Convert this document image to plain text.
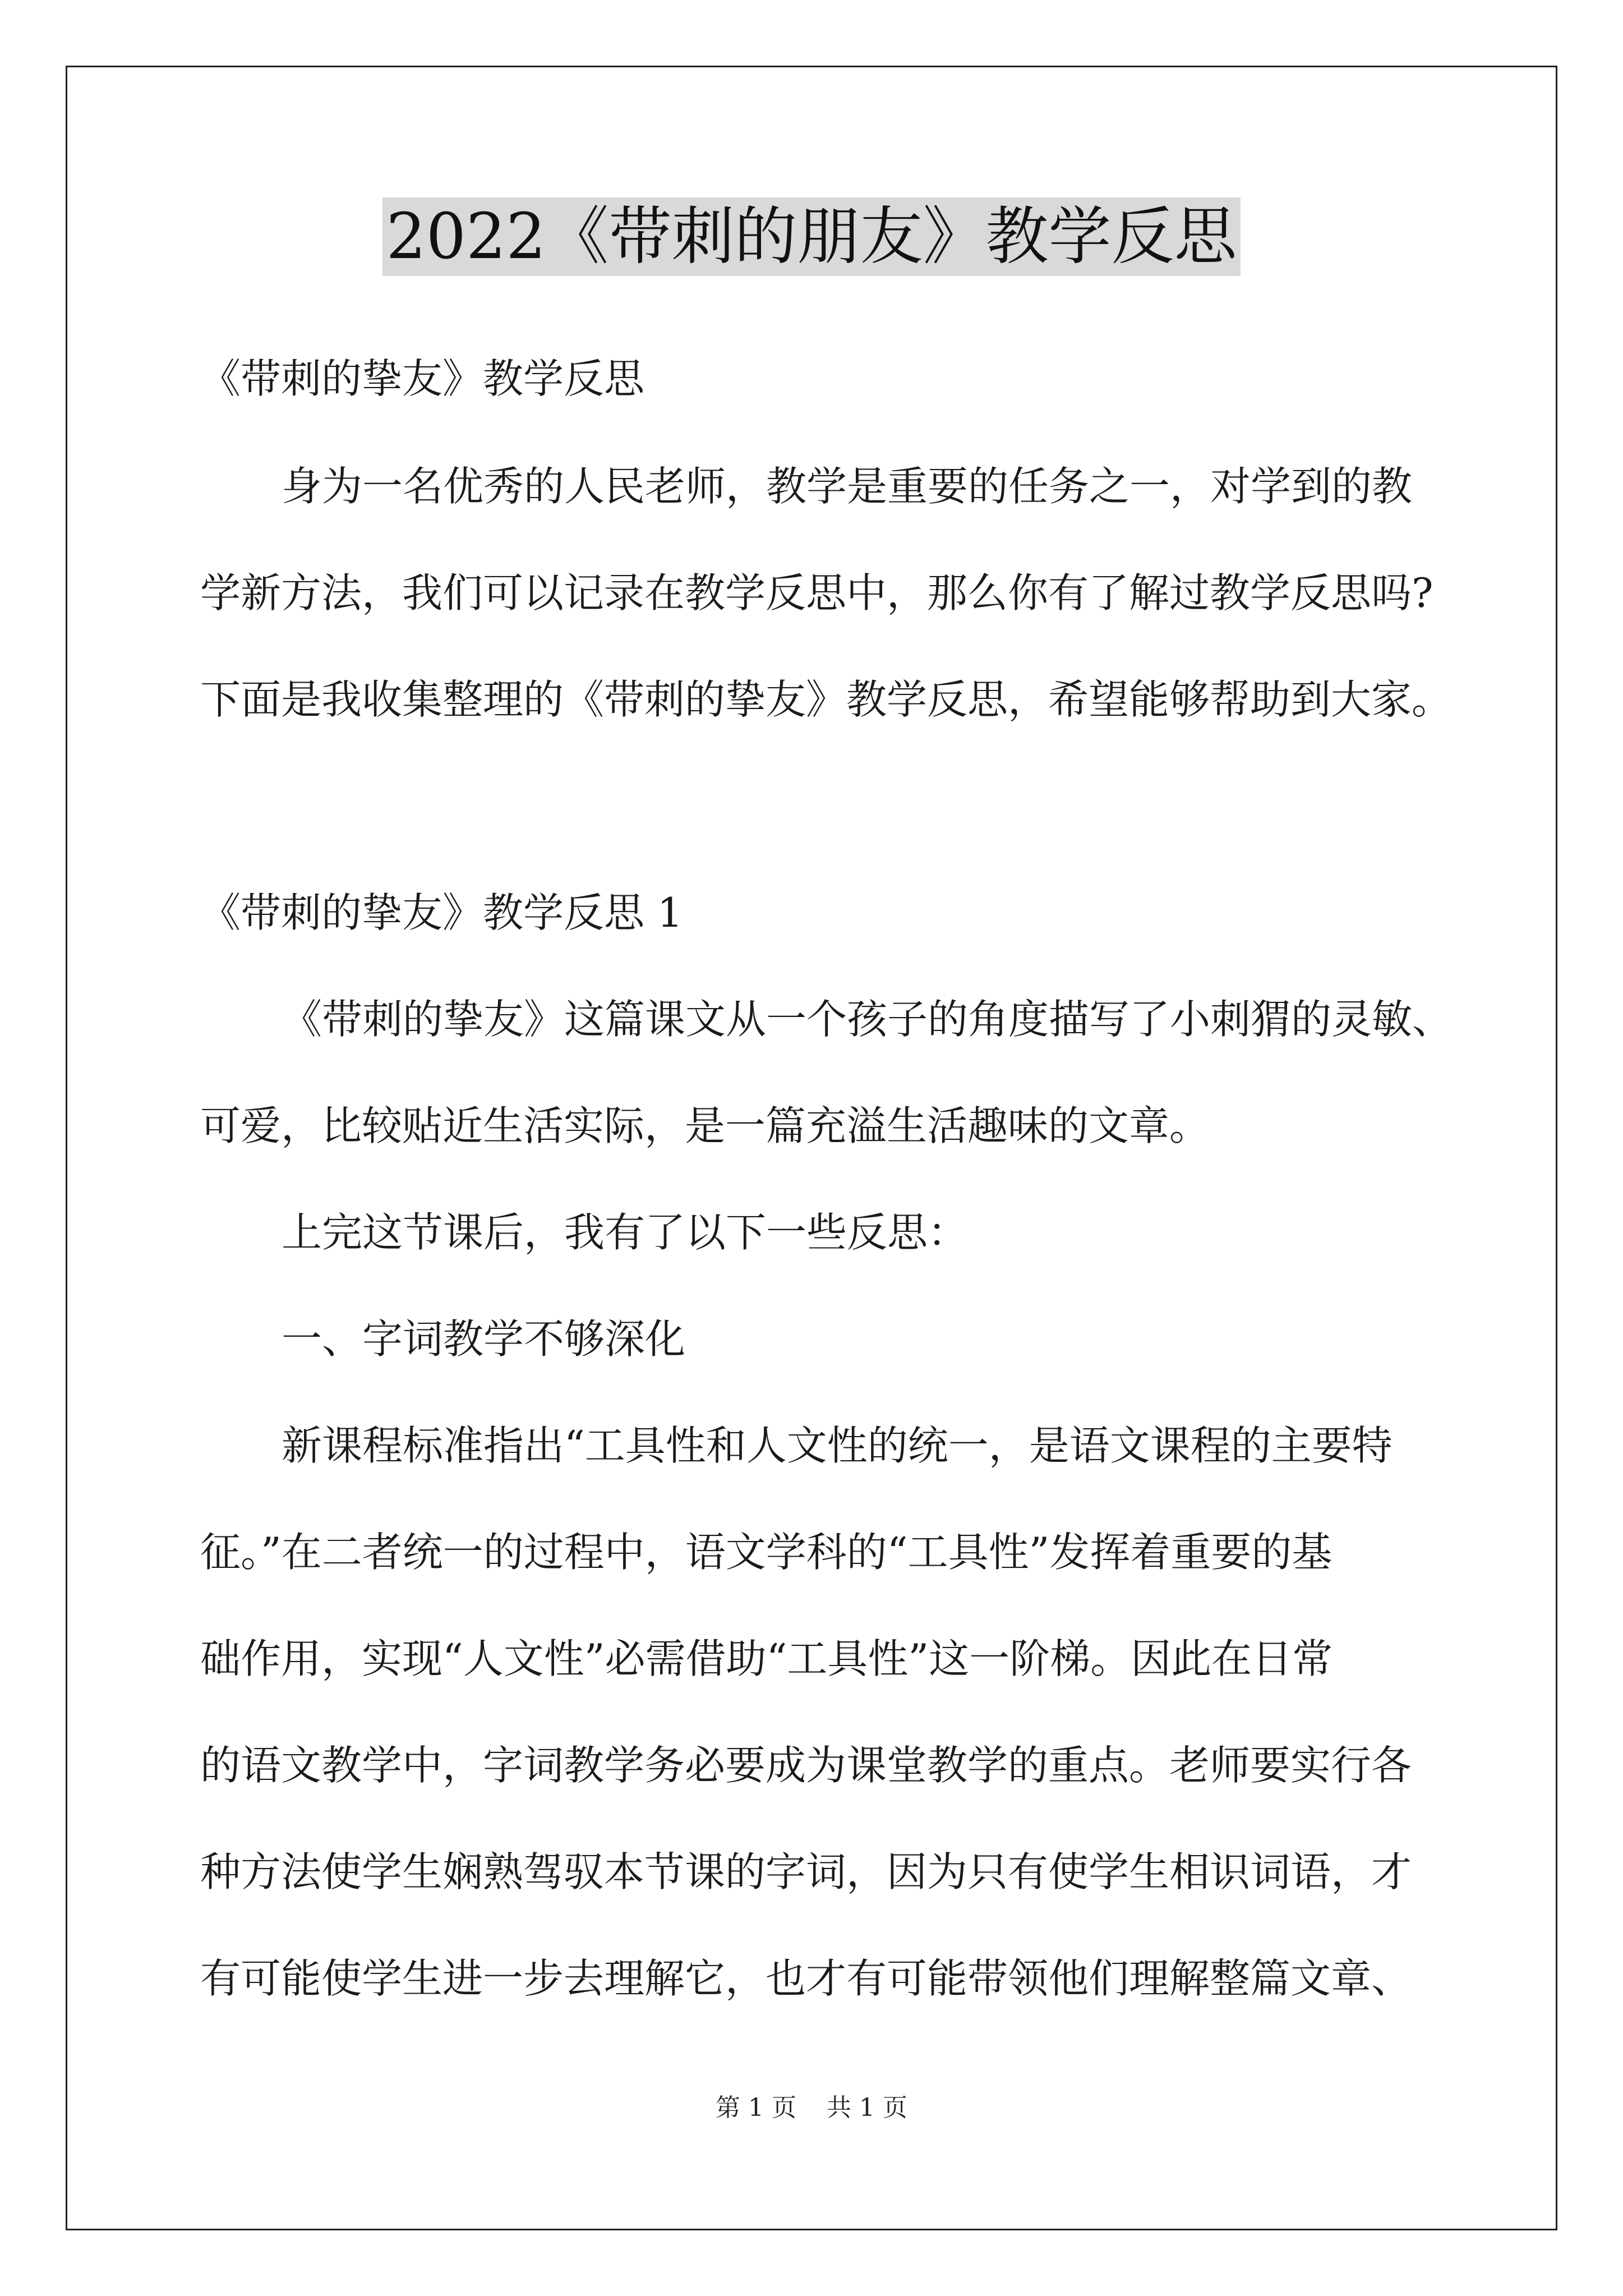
2022《带刺的朋友》教学反思
《带刺的挚友》教学反思
身为一名优秀的人民老师，教学是重要的任务之一，对学到的教
学新方法，我们可以记录在教学反思中，那么你有了解过教学反思吗?
下面是我收集整理的《带刺的挚友》教学反思，希望能够帮助到大家。
《带刺的挚友》教学反思 1
《带刺的挚友》这篇课文从一个孩子的角度描写了小刺猬的灵敏、
可爱，比较贴近生活实际，是一篇充溢生活趣味的文章。
上完这节课后，我有了以下一些反思：
一、字词教学不够深化
新课程标准指出“工具性和人文性的统一，是语文课程的主要特
征。”在二者统一的过程中，语文学科的“工具性”发挥着重要的基
础作用，实现“人文性”必需借助“工具性”这一阶梯。因此在日常
的语文教学中，字词教学务必要成为课堂教学的重点。老师要实行各
种方法使学生娴熟驾驭本节课的字词，因为只有使学生相识词语，才
有可能使学生进一步去理解它，也才有可能带领他们理解整篇文章、
第 1 页 共 1 页
